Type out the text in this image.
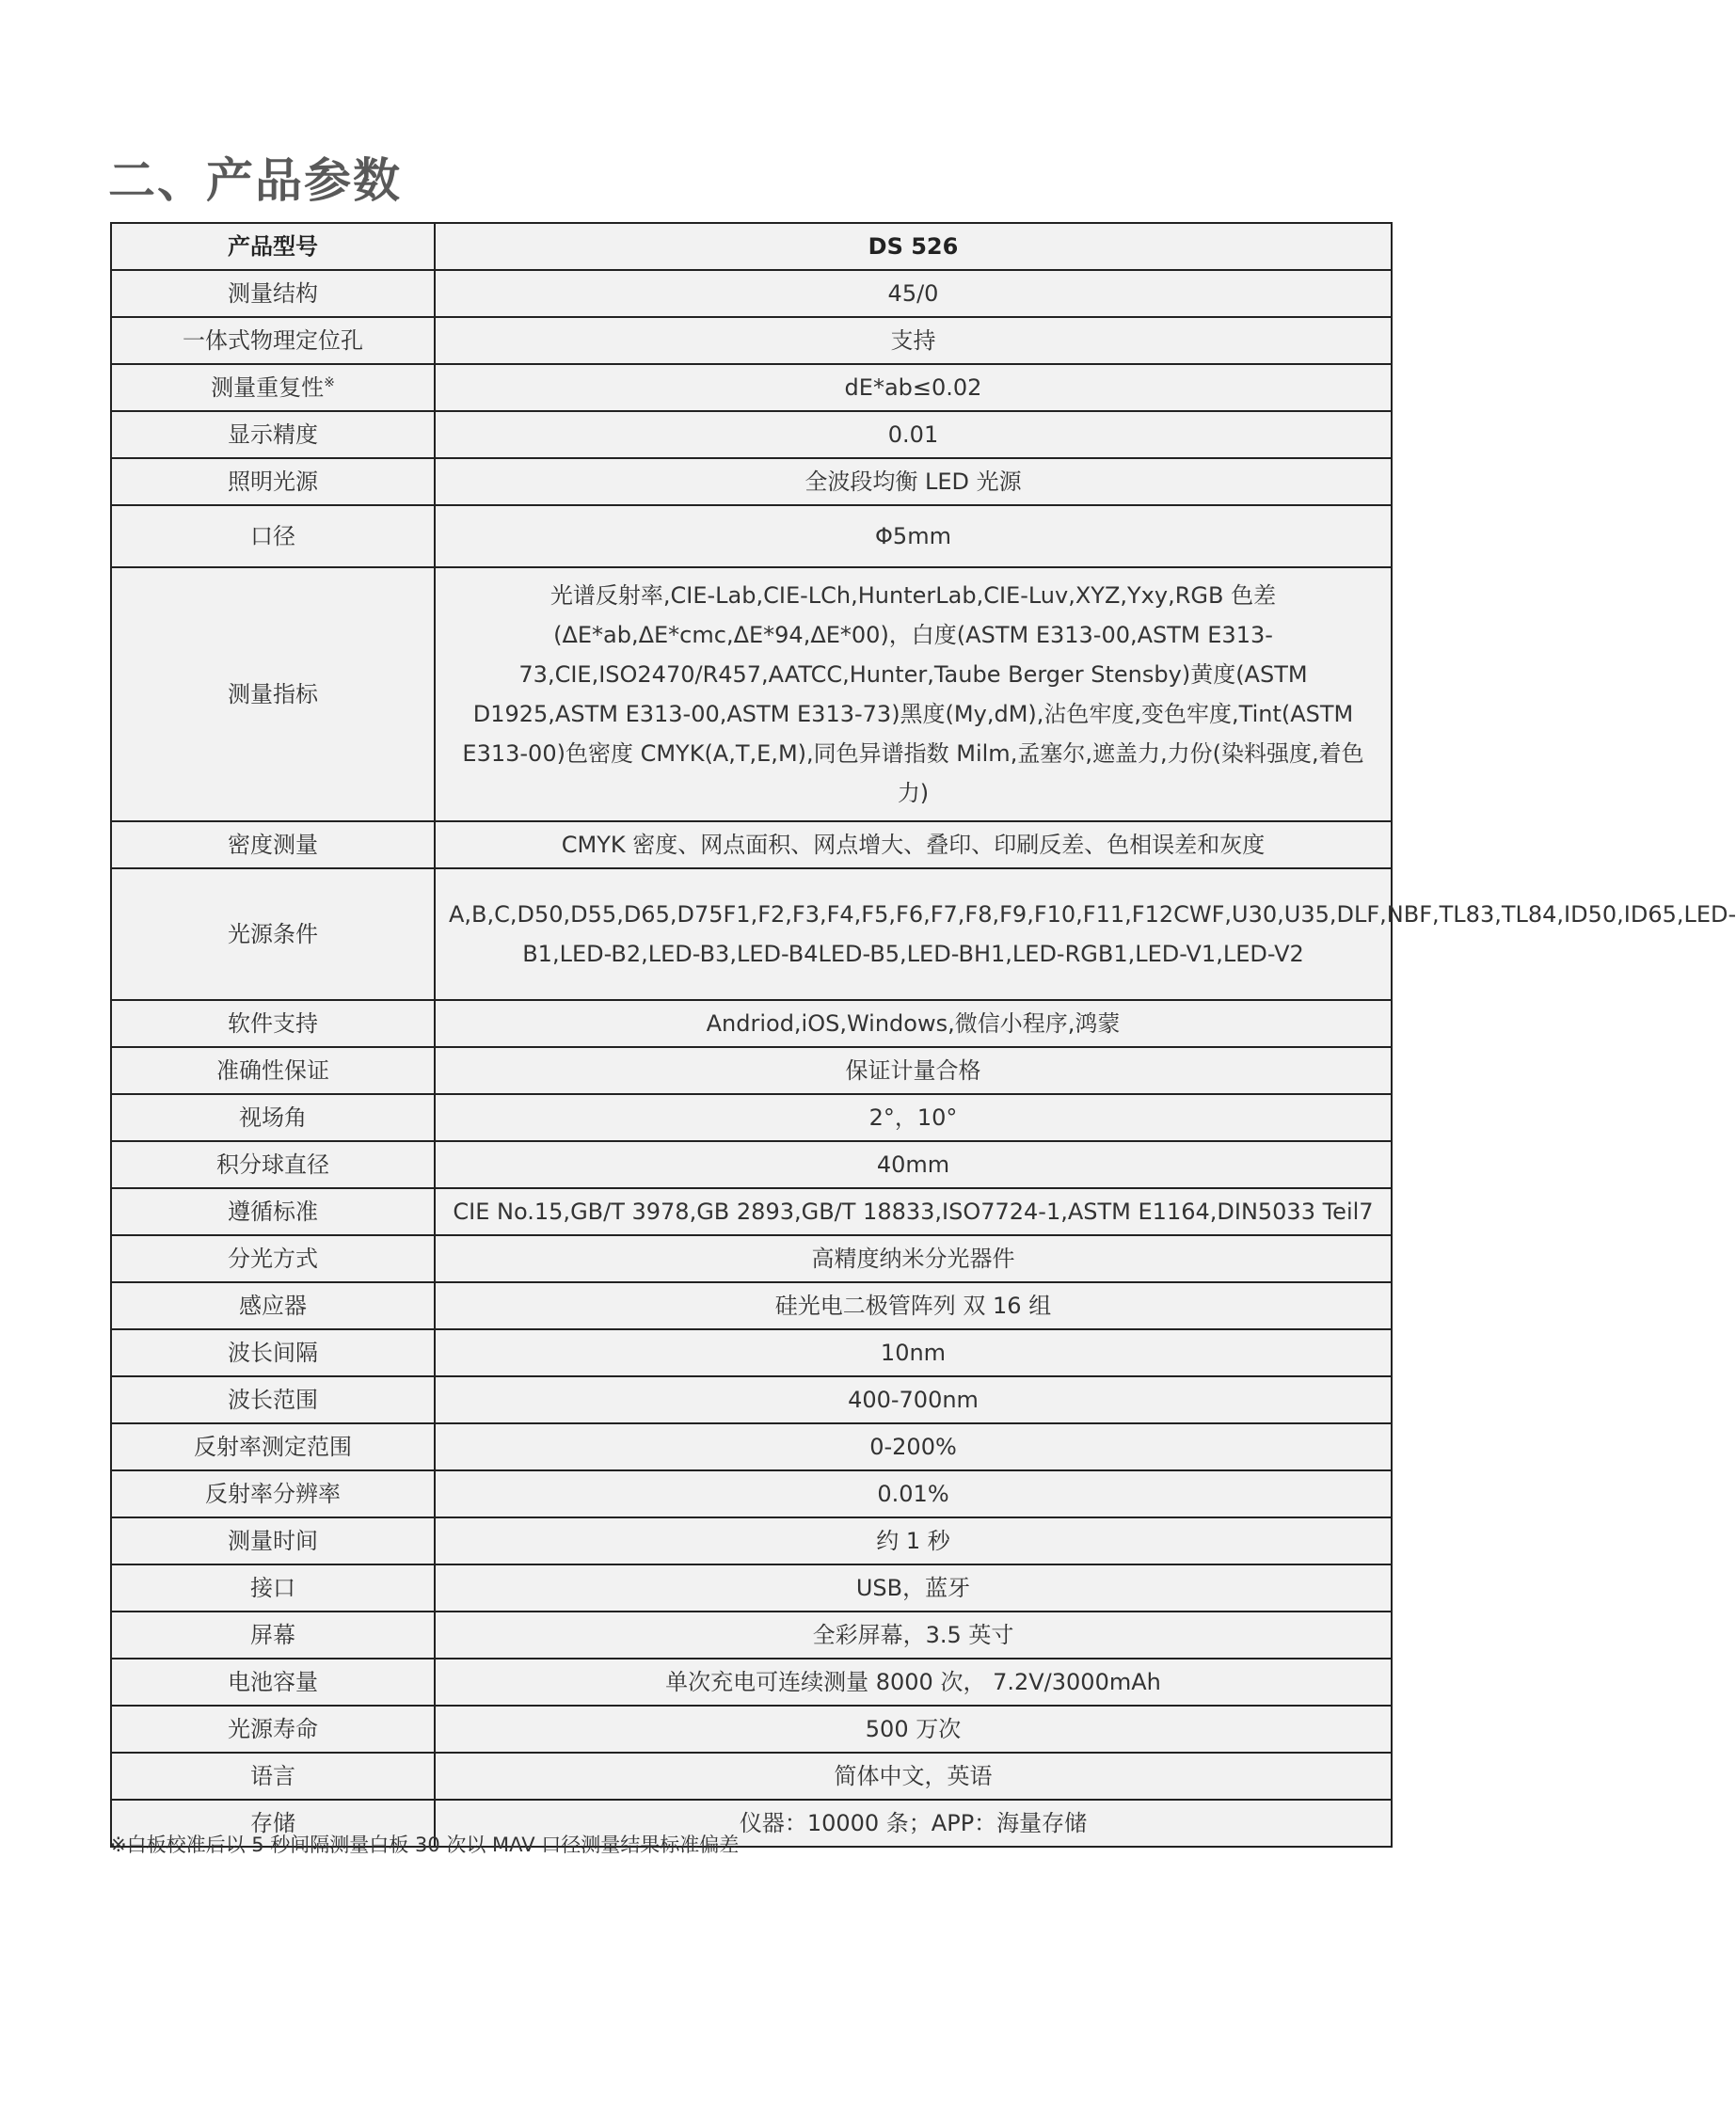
二、产品参数
产品型号	DS 526
测量结构	45/0
一体式物理定位孔	支持
测量重复性※	dE*ab≤0.02
显示精度	0.01
照明光源	全波段均衡 LED 光源
口径	Φ5mm
测量指标	光谱反射率,CIE-Lab,CIE-LCh,HunterLab,CIE-Luv,XYZ,Yxy,RGB 色差(ΔE*ab,ΔE*cmc,ΔE*94,ΔE*00)，白度(ASTM E313-00,ASTM E313-73,CIE,ISO2470/R457,AATCC,Hunter,Taube Berger Stensby)黄度(ASTM D1925,ASTM E313-00,ASTM E313-73)黑度(My,dM),沾色牢度,变色牢度,Tint(ASTM E313-00)色密度 CMYK(A,T,E,M),同色异谱指数 Milm,孟塞尔,遮盖力,力份(染料强度,着色力)
密度测量	CMYK 密度、网点面积、网点增大、叠印、印刷反差、色相误差和灰度
光源条件	A,B,C,D50,D55,D65,D75F1,F2,F3,F4,F5,F6,F7,F8,F9,F10,F11,F12CWF,U30,U35,DLF,NBF,TL83,TL84,ID50,ID65,LED-B1,LED-B2,LED-B3,LED-B4LED-B5,LED-BH1,LED-RGB1,LED-V1,LED-V2
软件支持	Andriod,iOS,Windows,微信小程序,鸿蒙
准确性保证	保证计量合格
视场角	2°，10°
积分球直径	40mm
遵循标准	CIE No.15,GB/T 3978,GB 2893,GB/T 18833,ISO7724-1,ASTM E1164,DIN5033 Teil7
分光方式	高精度纳米分光器件
感应器	硅光电二极管阵列 双 16 组
波长间隔	10nm
波长范围	400-700nm
反射率测定范围	0-200%
反射率分辨率	0.01%
测量时间	约 1 秒
接口	USB，蓝牙
屏幕	全彩屏幕，3.5 英寸
电池容量	单次充电可连续测量 8000 次， 7.2V/3000mAh
光源寿命	500 万次
语言	简体中文，英语
存储	仪器：10000 条；APP：海量存储

※白板校准后以 5 秒间隔测量白板 30 次以 MAV 口径测量结果标准偏差
